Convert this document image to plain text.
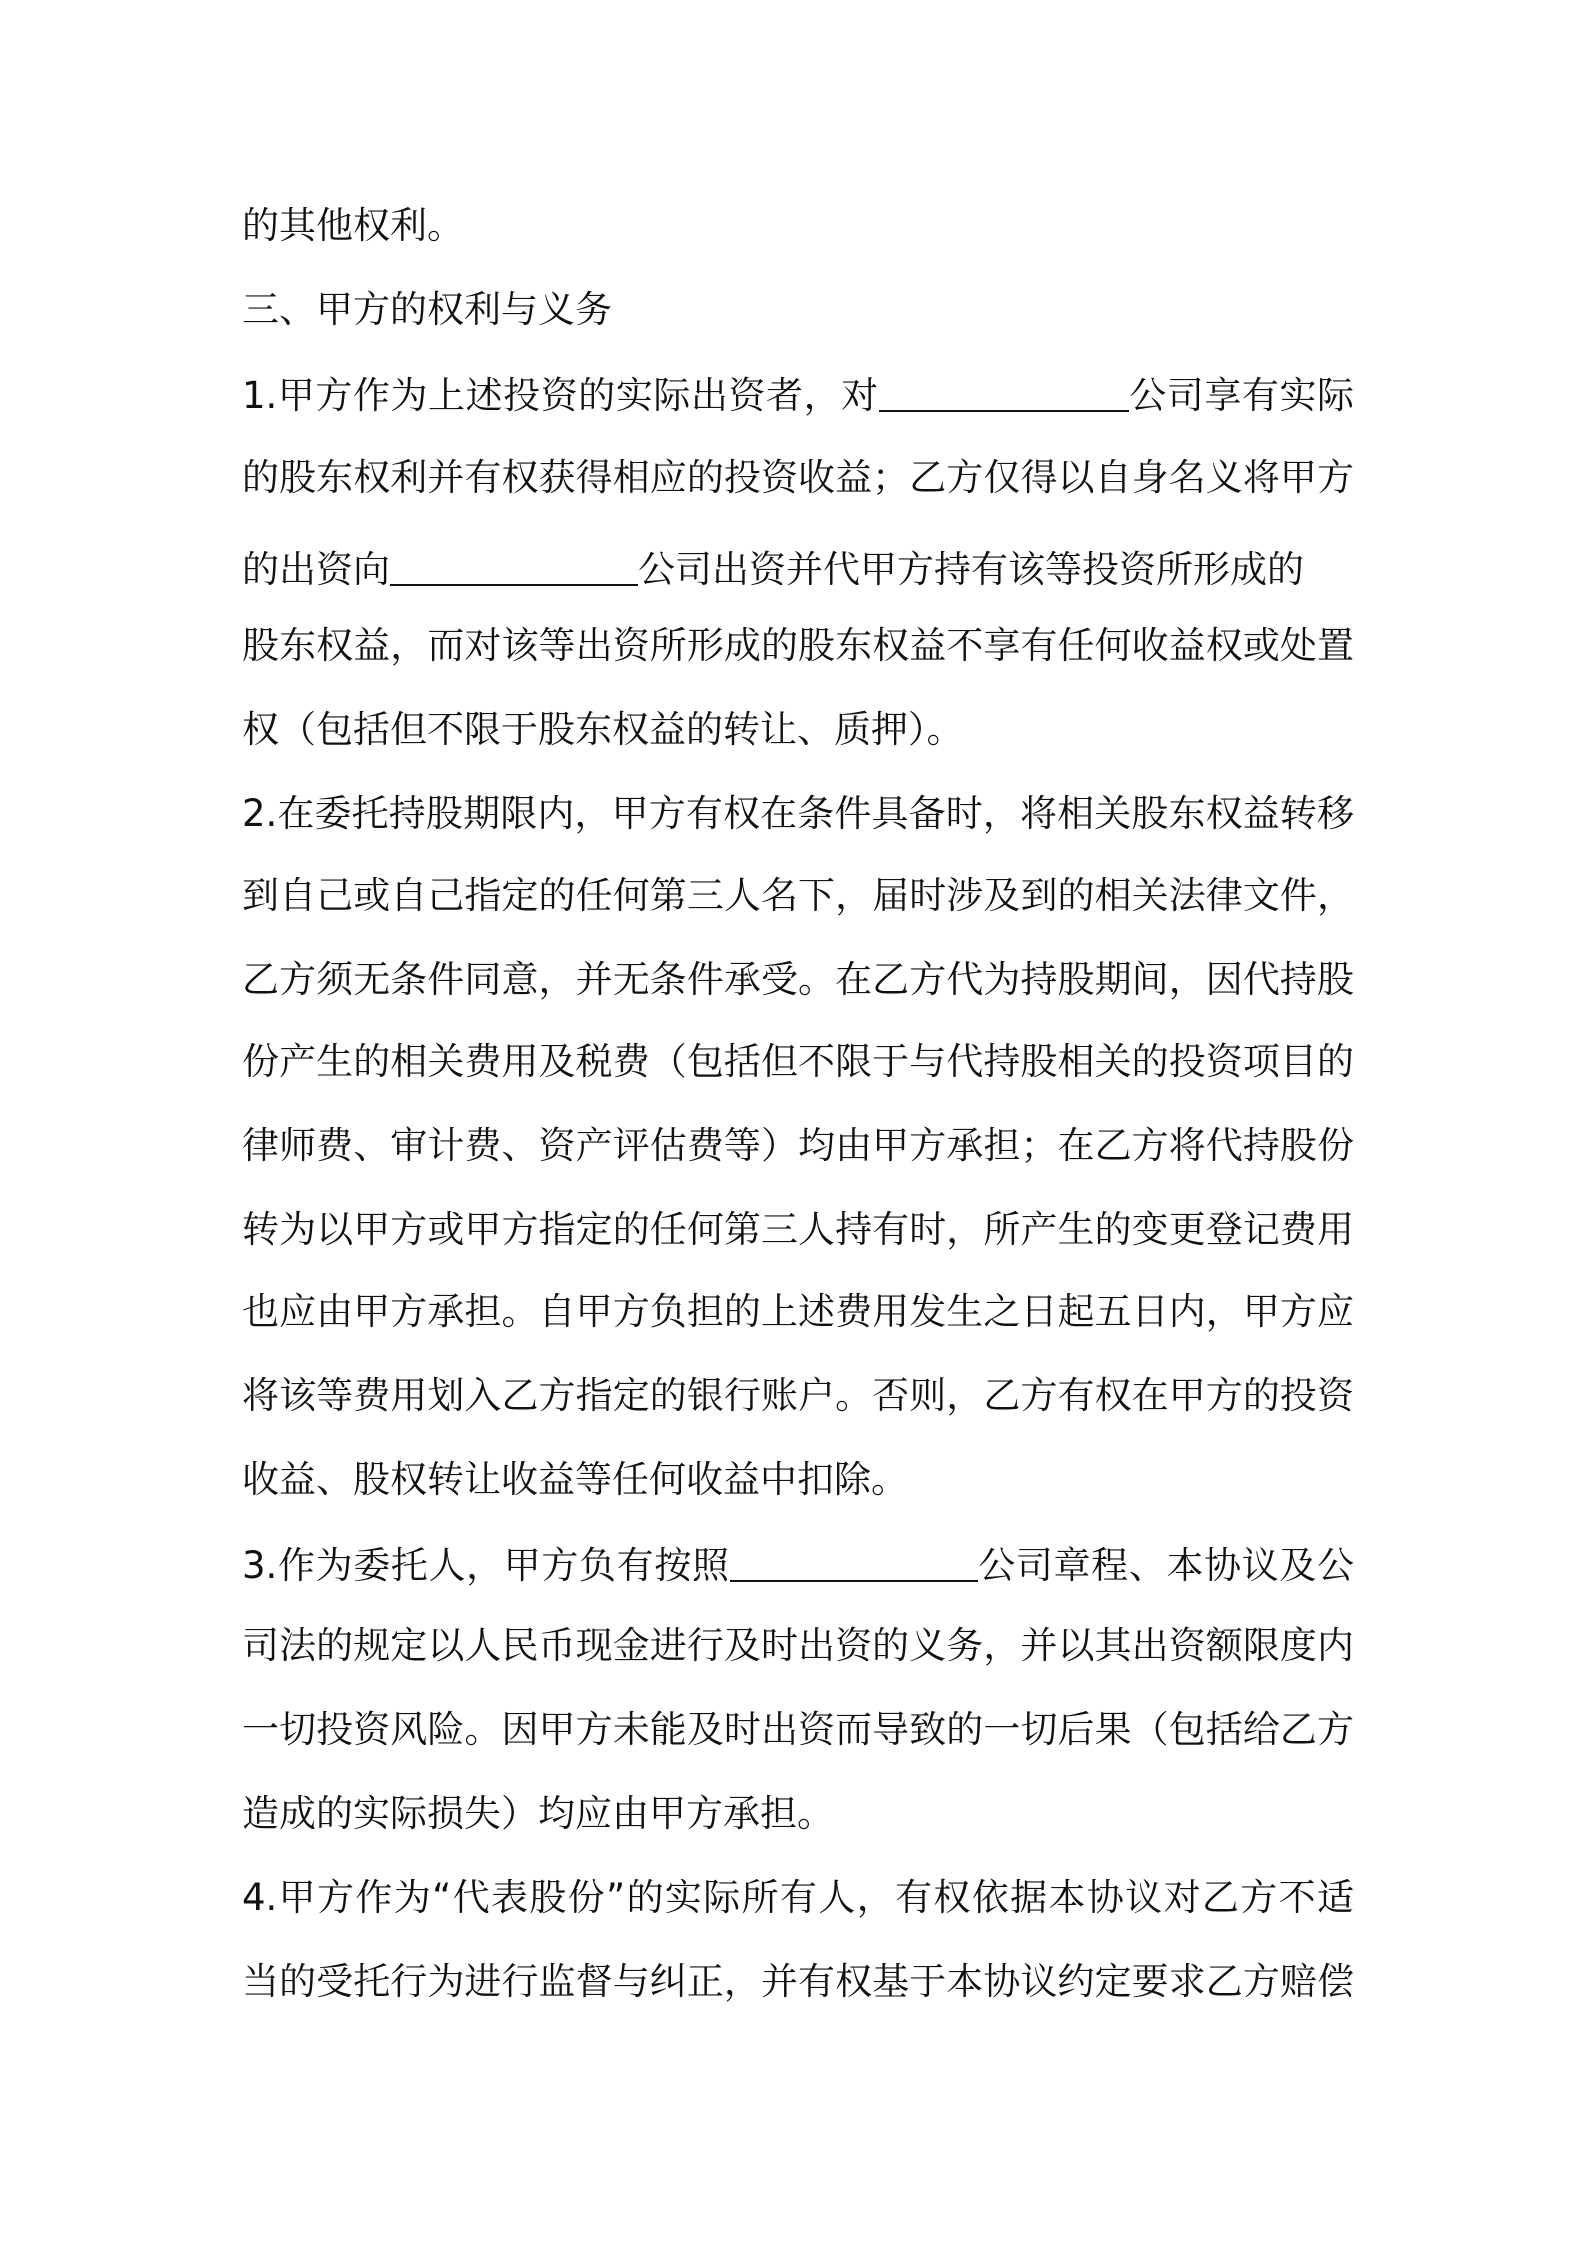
的其他权利。
三、甲方的权利与义务
1.甲方作为上述投资的实际出资者，对	公司享有实际
的股东权利并有权获得相应的投资收益；乙方仅得以自身名义将甲方
的出资向	公司出资并代甲方持有该等投资所形成的
股东权益，而对该等出资所形成的股东权益不享有任何收益权或处置
权（包括但不限于股东权益的转让、质押）。
2.在委托持股期限内，甲方有权在条件具备时，将相关股东权益转移
到自己或自己指定的任何第三人名下，届时涉及到的相关法律文件，
乙方须无条件同意，并无条件承受。在乙方代为持股期间，因代持股
份产生的相关费用及税费（包括但不限于与代持股相关的投资项目的
律师费、审计费、资产评估费等）均由甲方承担；在乙方将代持股份
转为以甲方或甲方指定的任何第三人持有时，所产生的变更登记费用
也应由甲方承担。自甲方负担的上述费用发生之日起五日内，甲方应
将该等费用划入乙方指定的银行账户。否则，乙方有权在甲方的投资
收益、股权转让收益等任何收益中扣除。
3.作为委托人，甲方负有按照	公司章程、本协议及公
司法的规定以人民币现金进行及时出资的义务，并以其出资额限度内
一切投资风险。因甲方未能及时出资而导致的一切后果（包括给乙方
造成的实际损失）均应由甲方承担。
4.甲方作为“代表股份”的实际所有人，有权依据本协议对乙方不适
当的受托行为进行监督与纠正，并有权基于本协议约定要求乙方赔偿
